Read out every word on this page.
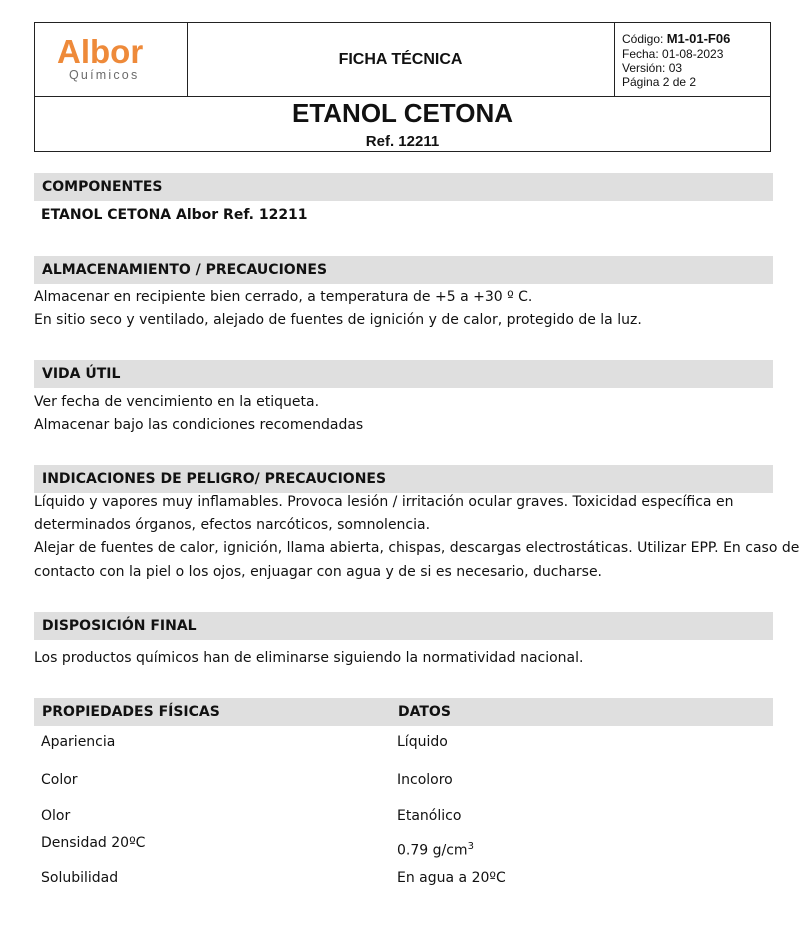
Albor
Químicos
FICHA TÉCNICA
Código: M1-01-F06
Fecha: 01-08-2023
Versión: 03
Página 2 de 2
ETANOL CETONA
Ref. 12211
COMPONENTES
ETANOL CETONA Albor Ref. 12211
ALMACENAMIENTO / PRECAUCIONES
Almacenar en recipiente bien cerrado, a temperatura de +5 a +30 º C.
En sitio seco y ventilado, alejado de fuentes de ignición y de calor, protegido de la luz.
VIDA ÚTIL
Ver fecha de vencimiento en la etiqueta.
Almacenar bajo las condiciones recomendadas
INDICACIONES DE PELIGRO/ PRECAUCIONES
Líquido y vapores muy inflamables. Provoca lesión / irritación ocular graves. Toxicidad específica en
determinados órganos, efectos narcóticos, somnolencia.
Alejar de fuentes de calor, ignición, llama abierta, chispas, descargas electrostáticas. Utilizar EPP. En caso de
contacto con la piel o los ojos, enjuagar con agua y de si es necesario, ducharse.
DISPOSICIÓN FINAL
Los productos químicos han de eliminarse siguiendo la normatividad nacional.
PROPIEDADES FÍSICAS	DATOS
Apariencia	Líquido
Color	Incoloro
Olor	Etanólico
Densidad 20ºC	0.79 $g/cm^3$
Solubilidad	En agua a 20ºC
